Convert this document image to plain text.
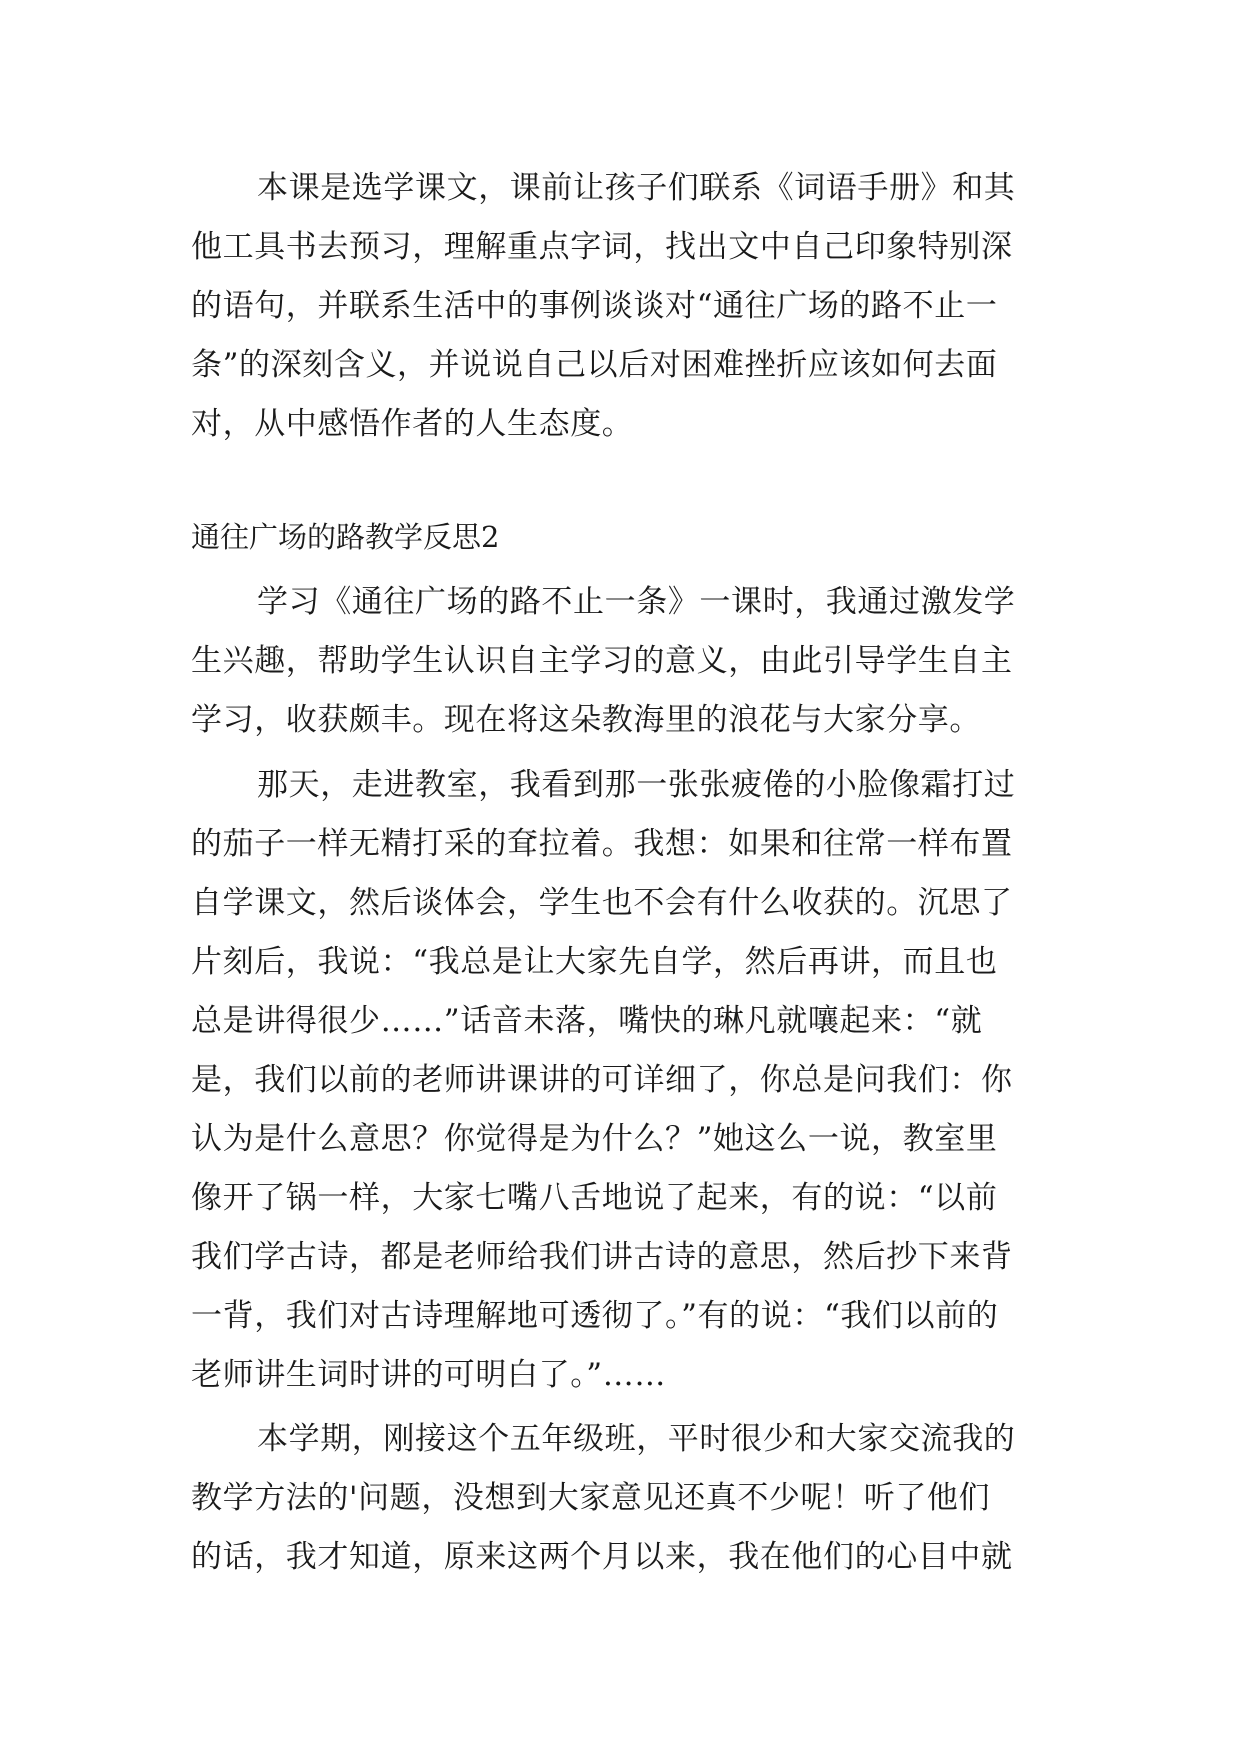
本课是选学课文，课前让孩子们联系《词语手册》和其
他工具书去预习，理解重点字词，找出文中自己印象特别深
的语句，并联系生活中的事例谈谈对“通往广场的路不止一
条”的深刻含义，并说说自己以后对困难挫折应该如何去面
对，从中感悟作者的人生态度。
通往广场的路教学反思2
学习《通往广场的路不止一条》一课时，我通过激发学
生兴趣，帮助学生认识自主学习的意义，由此引导学生自主
学习，收获颇丰。现在将这朵教海里的浪花与大家分享。
那天，走进教室，我看到那一张张疲倦的小脸像霜打过
的茄子一样无精打采的耷拉着。我想：如果和往常一样布置
自学课文，然后谈体会，学生也不会有什么收获的。沉思了
片刻后，我说：“我总是让大家先自学，然后再讲，而且也
总是讲得很少……”话音未落，嘴快的琳凡就嚷起来：“就
是，我们以前的老师讲课讲的可详细了，你总是问我们：你
认为是什么意思？你觉得是为什么？”她这么一说，教室里
像开了锅一样，大家七嘴八舌地说了起来，有的说：“以前
我们学古诗，都是老师给我们讲古诗的意思，然后抄下来背
一背，我们对古诗理解地可透彻了。”有的说：“我们以前的
老师讲生词时讲的可明白了。”……
本学期，刚接这个五年级班，平时很少和大家交流我的
教学方法的'问题，没想到大家意见还真不少呢！听了他们
的话，我才知道，原来这两个月以来，我在他们的心目中就
